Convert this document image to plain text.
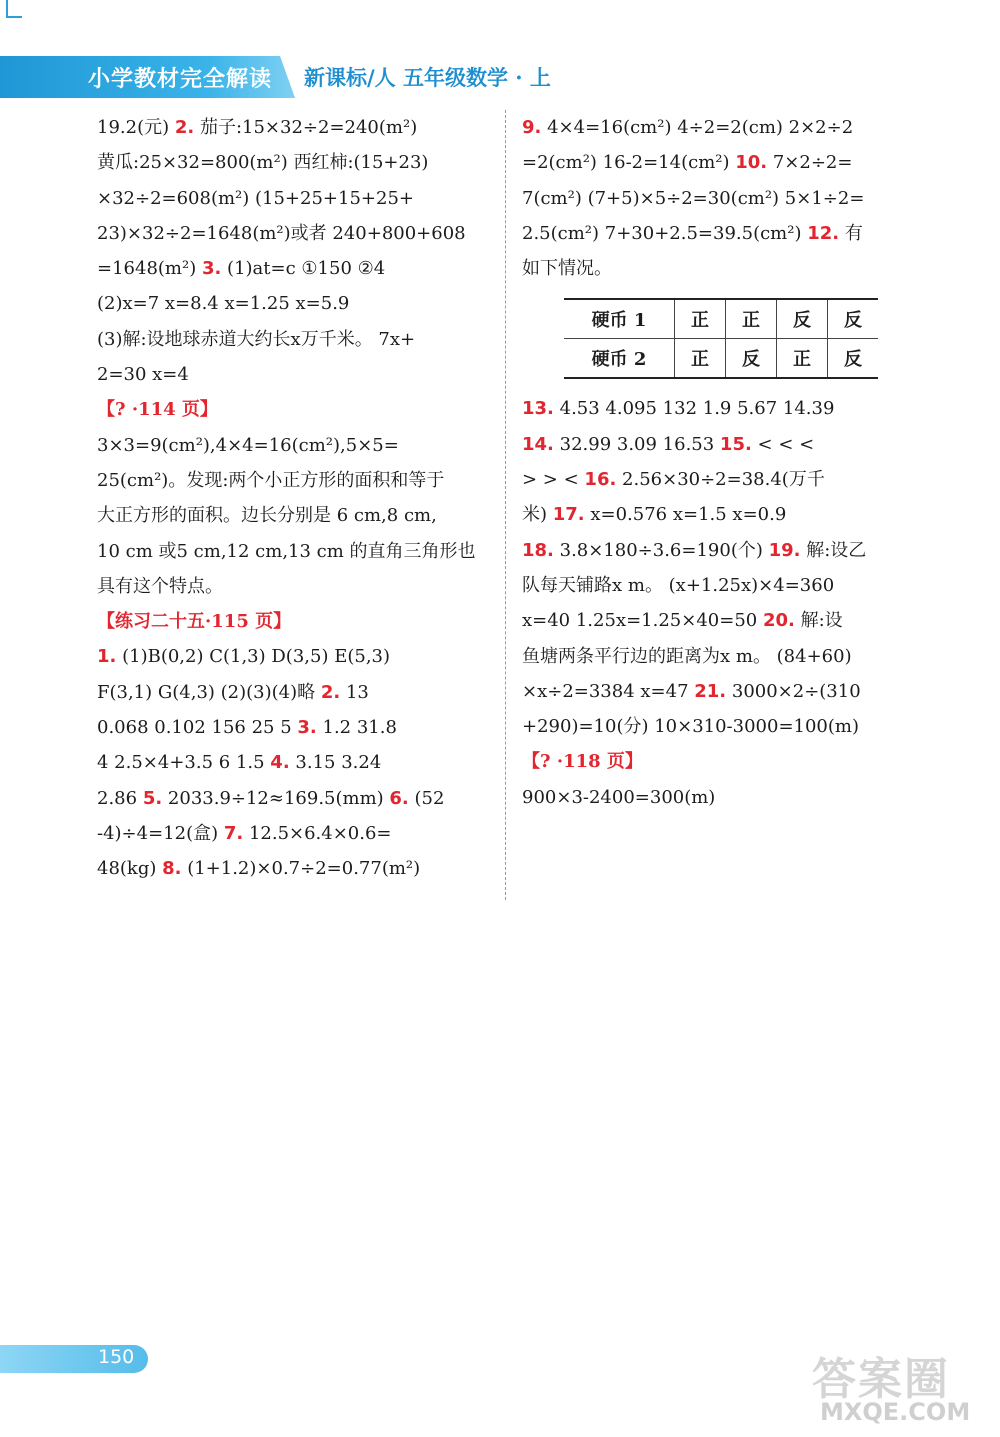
小学教材完全解读 新课标/人 五年级数学 · 上
19.2(元) 2. 茄子:15×32÷2=240(m²)
黄瓜:25×32=800(m²) 西红柿:(15+23)
×32÷2=608(m²) (15+25+15+25+
23)×32÷2=1648(m²)或者 240+800+608
=1648(m²) 3. (1)at=c ①150 ②4
(2)x=7 x=8.4 x=1.25 x=5.9
(3)解:设地球赤道大约长x万千米。 7x+
2=30 x=4
【? ·114 页】
3×3=9(cm²),4×4=16(cm²),5×5=
25(cm²)。发现:两个小正方形的面积和等于
大正方形的面积。边长分别是 6 cm,8 cm,
10 cm 或5 cm,12 cm,13 cm 的直角三角形也
具有这个特点。
【练习二十五·115 页】
1. (1)B(0,2) C(1,3) D(3,5) E(5,3)
F(3,1) G(4,3) (2)(3)(4)略 2. 13
0.068 0.102 156 25 5 3. 1.2 31.8
4 2.5×4+3.5 6 1.5 4. 3.15 3.24
2.86 5. 2033.9÷12≈169.5(mm) 6. (52
-4)÷4=12(盒) 7. 12.5×6.4×0.6=
48(kg) 8. (1+1.2)×0.7÷2=0.77(m²)
9. 4×4=16(cm²) 4÷2=2(cm) 2×2÷2
=2(cm²) 16-2=14(cm²) 10. 7×2÷2=
7(cm²) (7+5)×5÷2=30(cm²) 5×1÷2=
2.5(cm²) 7+30+2.5=39.5(cm²) 12. 有
如下情况。
硬币 1	正	正	反	反
硬币 2	正	反	正	反
13. 4.53 4.095 132 1.9 5.67 14.39
14. 32.99 3.09 16.53 15. < < <
> > < 16. 2.56×30÷2=38.4(万千
米) 17. x=0.576 x=1.5 x=0.9
18. 3.8×180÷3.6=190(个) 19. 解:设乙
队每天铺路x m。 (x+1.25x)×4=360
x=40 1.25x=1.25×40=50 20. 解:设
鱼塘两条平行边的距离为x m。 (84+60)
×x÷2=3384 x=47 21. 3000×2÷(310
+290)=10(分) 10×310-3000=100(m)
【? ·118 页】
900×3-2400=300(m)
150	答案圈
MXQE.COM
